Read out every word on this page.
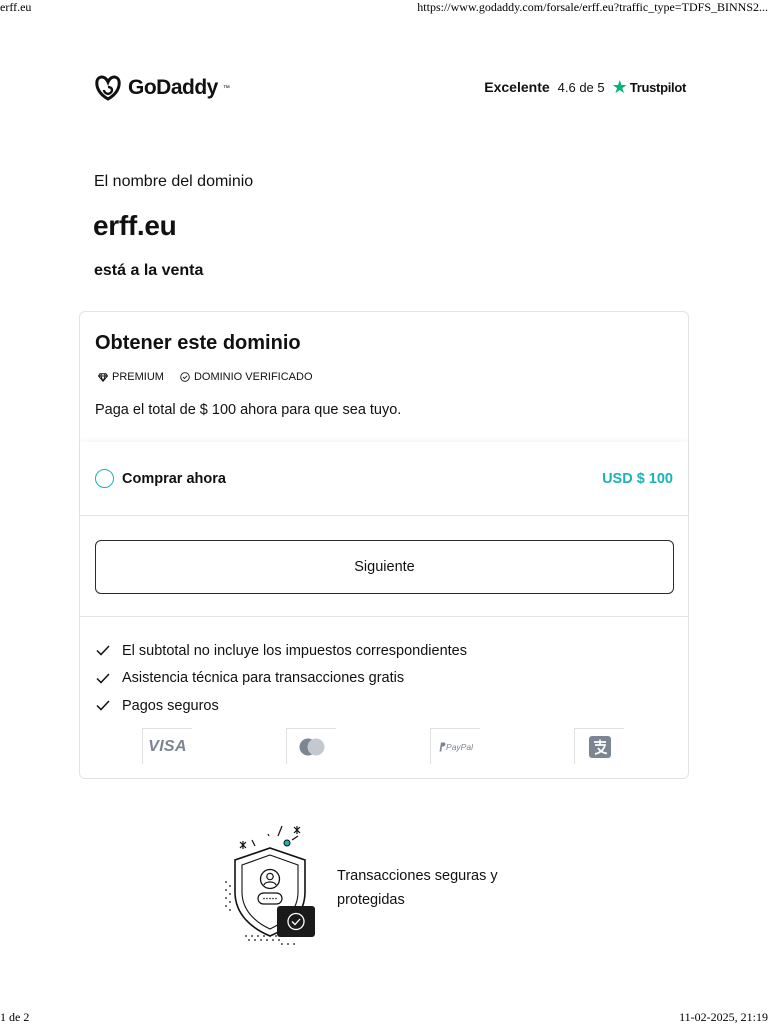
erff.eu	https://www.godaddy.com/forsale/erff.eu?traffic_type=TDFS_BINNS2...
GoDaddy ™	Excelente 4.6 de 5 ★ Trustpilot
El nombre del dominio
erff.eu
está a la venta
Obtener este dominio
PREMIUM	DOMINIO VERIFICADO
Paga el total de $ 100 ahora para que sea tuyo.
Comprar ahora	USD $ 100
Siguiente
El subtotal no incluye los impuestos correspondientes
Asistencia técnica para transacciones gratis
Pagos seguros
VISA	PayPal
Transacciones seguras y protegidas
1 de 2	11-02-2025, 21:19
